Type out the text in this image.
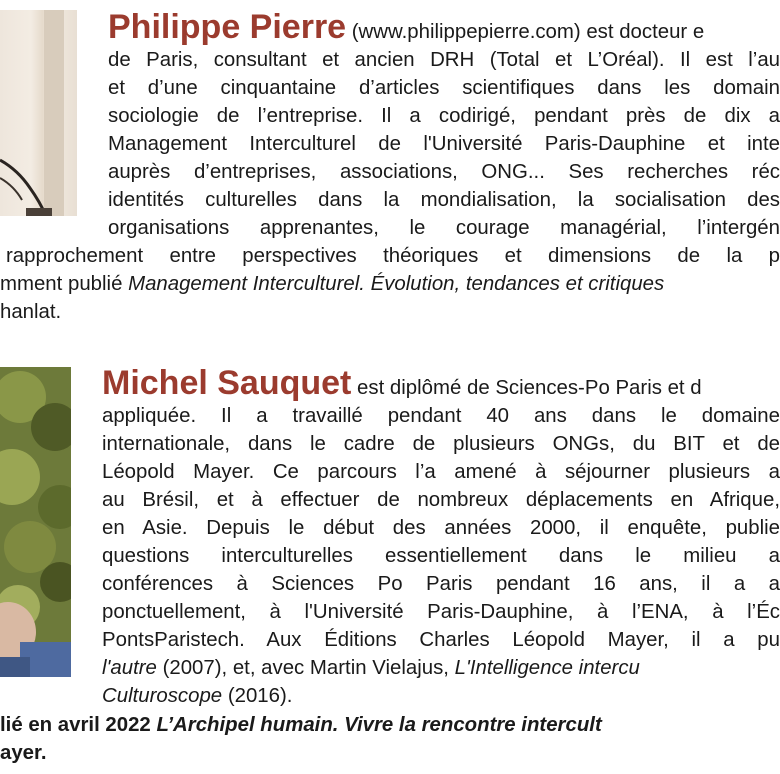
Philippe Pierre (www.philippepierre.com) est docteur e
de Paris, consultant et ancien DRH (Total et L’Oréal). Il est l’au
et d’une cinquantaine d’articles scientifiques dans les domain
sociologie de l’entreprise. Il a codirigé, pendant près de dix a
Management Interculturel de l'Université Paris-Dauphine et inte
auprès d’entreprises, associations, ONG... Ses recherches réc
identités culturelles dans la mondialisation, la socialisation des
organisations apprenantes, le courage managérial, l’intergén
rapprochement entre perspectives théoriques et dimensions de la p
mment publié Management Interculturel. Évolution, tendances et critiques
hanlat.
Michel Sauquet est diplômé de Sciences-Po Paris et d
appliquée. Il a travaillé pendant 40 ans dans le domaine
internationale, dans le cadre de plusieurs ONGs, du BIT et de
Léopold Mayer. Ce parcours l’a amené à séjourner plusieurs a
au Brésil, et à effectuer de nombreux déplacements en Afrique,
en Asie. Depuis le début des années 2000, il enquête, publie
questions interculturelles essentiellement dans le milieu a
conférences à Sciences Po Paris pendant 16 ans, il a a
ponctuellement, à l'Université Paris-Dauphine, à l’ENA, à l’Éc
PontsParistech. Aux Éditions Charles Léopold Mayer, il a pu
l'autre (2007), et, avec Martin Vielajus, L'Intelligence intercu
Culturoscope (2016).
lié en avril 2022 L’Archipel humain. Vivre la rencontre intercult
ayer.
